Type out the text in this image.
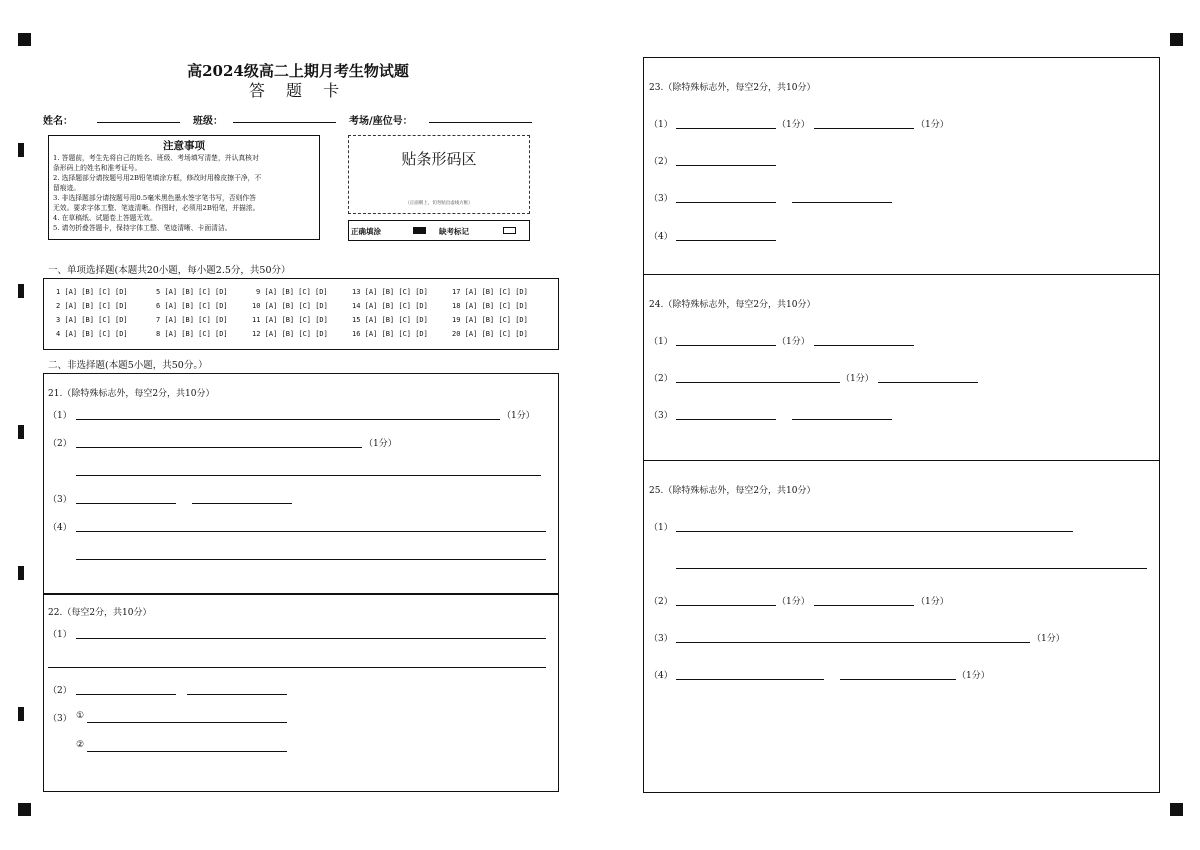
高2024级高二上期月考生物试题
答 题 卡
姓名：	班级：	考场/座位号：
注意事项
1. 答题前，考生先将自己的姓名、班级、考场填写清楚，并认真核对
条形码上的姓名和准考证号。
2. 选择题部分请按题号用2B铅笔填涂方框，修改时用橡皮擦干净，不
留痕迹。
3. 非选择题部分请按题号用0.5毫米黑色墨水签字笔书写，否则作答
无效。要求字体工整、笔迹清晰。作图时，必须用2B铅笔，并描浓。
4. 在草稿纸、试题卷上答题无效。
5. 请勿折叠答题卡，保持字体工整、笔迹清晰、卡面清洁。
贴条形码区
（正面朝上，切勿贴出虚线方框）
正确填涂	缺考标记
一、单项选择题(本题共20小题，每小题2.5分，共50分）
1 [A] [B] [C] [D]	5 [A] [B] [C] [D]	9 [A] [B] [C] [D]	13 [A] [B] [C] [D]	17 [A] [B] [C] [D]
2 [A] [B] [C] [D]	6 [A] [B] [C] [D]	10 [A] [B] [C] [D]	14 [A] [B] [C] [D]	18 [A] [B] [C] [D]
3 [A] [B] [C] [D]	7 [A] [B] [C] [D]	11 [A] [B] [C] [D]	15 [A] [B] [C] [D]	19 [A] [B] [C] [D]
4 [A] [B] [C] [D]	8 [A] [B] [C] [D]	12 [A] [B] [C] [D]	16 [A] [B] [C] [D]	20 [A] [B] [C] [D]
二、非选择题(本题5小题，共50分。）
21.（除特殊标志外，每空2分，共10分）
（1）	（1分）
（2）	（1分）
（3）
（4）
22.（每空2分，共10分）
（1）
（2）
（3） ①
②
23.（除特殊标志外，每空2分，共10分）
（1）	（1分）	（1分）
（2）
（3）
（4）
24.（除特殊标志外，每空2分，共10分）
（1）	（1分）
（2）	（1分）
（3）
25.（除特殊标志外，每空2分，共10分）
（1）
（2）	（1分）	（1分）
（3）	（1分）
（4）	（1分）
